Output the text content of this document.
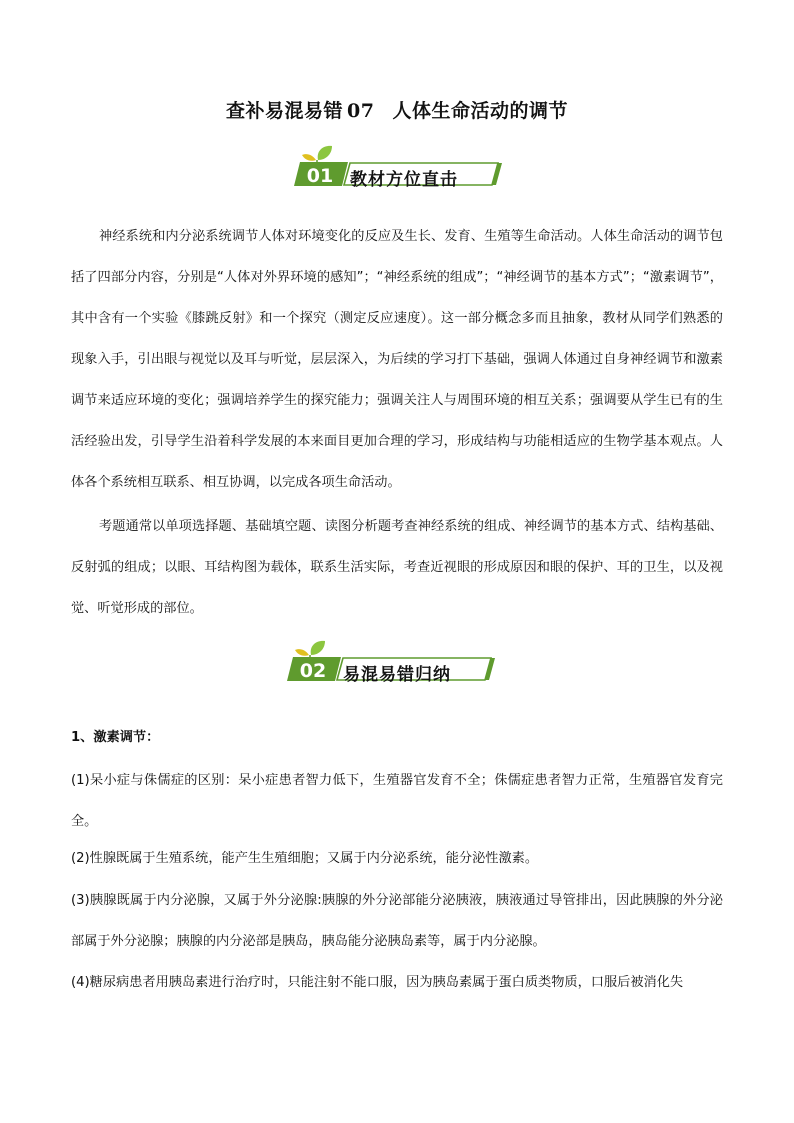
查补易混易错 07 人体生命活动的调节
01 教材方位直击

神经系统和内分泌系统调节人体对环境变化的反应及生长、发育、生殖等生命活动。人体生命活动的调节包括了四部分内容，分别是“人体对外界环境的感知”；“神经系统的组成”；“神经调节的基本方式”；“激素调节”，其中含有一个实验《膝跳反射》和一个探究（测定反应速度）。这一部分概念多而且抽象，教材从同学们熟悉的现象入手，引出眼与视觉以及耳与听觉，层层深入，为后续的学习打下基础，强调人体通过自身神经调节和激素调节来适应环境的变化；强调培养学生的探究能力；强调关注人与周围环境的相互关系；强调要从学生已有的生活经验出发，引导学生沿着科学发展的本来面目更加合理的学习，形成结构与功能相适应的生物学基本观点。人体各个系统相互联系、相互协调，以完成各项生命活动。

考题通常以单项选择题、基础填空题、读图分析题考查神经系统的组成、神经调节的基本方式、结构基础、反射弧的组成；以眼、耳结构图为载体，联系生活实际，考查近视眼的形成原因和眼的保护、耳的卫生，以及视觉、听觉形成的部位。

02 易混易错归纳

1、激素调节：

(1)呆小症与侏儒症的区别：呆小症患者智力低下，生殖器官发育不全；侏儒症患者智力正常，生殖器官发育完全。

(2)性腺既属于生殖系统，能产生生殖细胞；又属于内分泌系统，能分泌性激素。

(3)胰腺既属于内分泌腺，又属于外分泌腺:胰腺的外分泌部能分泌胰液，胰液通过导管排出，因此胰腺的外分泌部属于外分泌腺；胰腺的内分泌部是胰岛，胰岛能分泌胰岛素等，属于内分泌腺。

(4)糖尿病患者用胰岛素进行治疗时，只能注射不能口服，因为胰岛素属于蛋白质类物质，口服后被消化失
